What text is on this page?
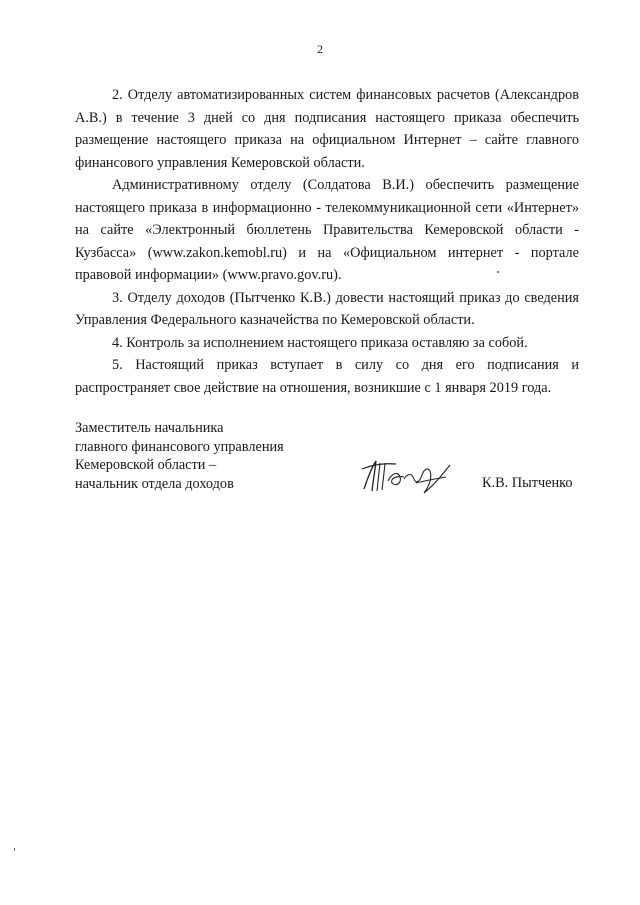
2

2. Отделу автоматизированных систем финансовых расчетов (Александров А.В.) в течение 3 дней со дня подписания настоящего приказа обеспечить размещение настоящего приказа на официальном Интернет – сайте главного финансового управления Кемеровской области.

Административному отделу (Солдатова В.И.) обеспечить размещение настоящего приказа в информационно - телекоммуникационной сети «Интернет» на сайте «Электронный бюллетень Правительства Кемеровской области - Кузбасса» (www.zakon.kemobl.ru) и на «Официальном интернет - портале правовой информации» (www.pravo.gov.ru).

3. Отделу доходов (Пытченко К.В.) довести настоящий приказ до сведения Управления Федерального казначейства по Кемеровской области.

4. Контроль за исполнением настоящего приказа оставляю за собой.

5. Настоящий приказ вступает в силу со дня его подписания и распространяет свое действие на отношения, возникшие с 1 января 2019 года.

Заместитель начальника
главного финансового управления
Кемеровской области –
начальник отдела доходов	К.В. Пытченко
